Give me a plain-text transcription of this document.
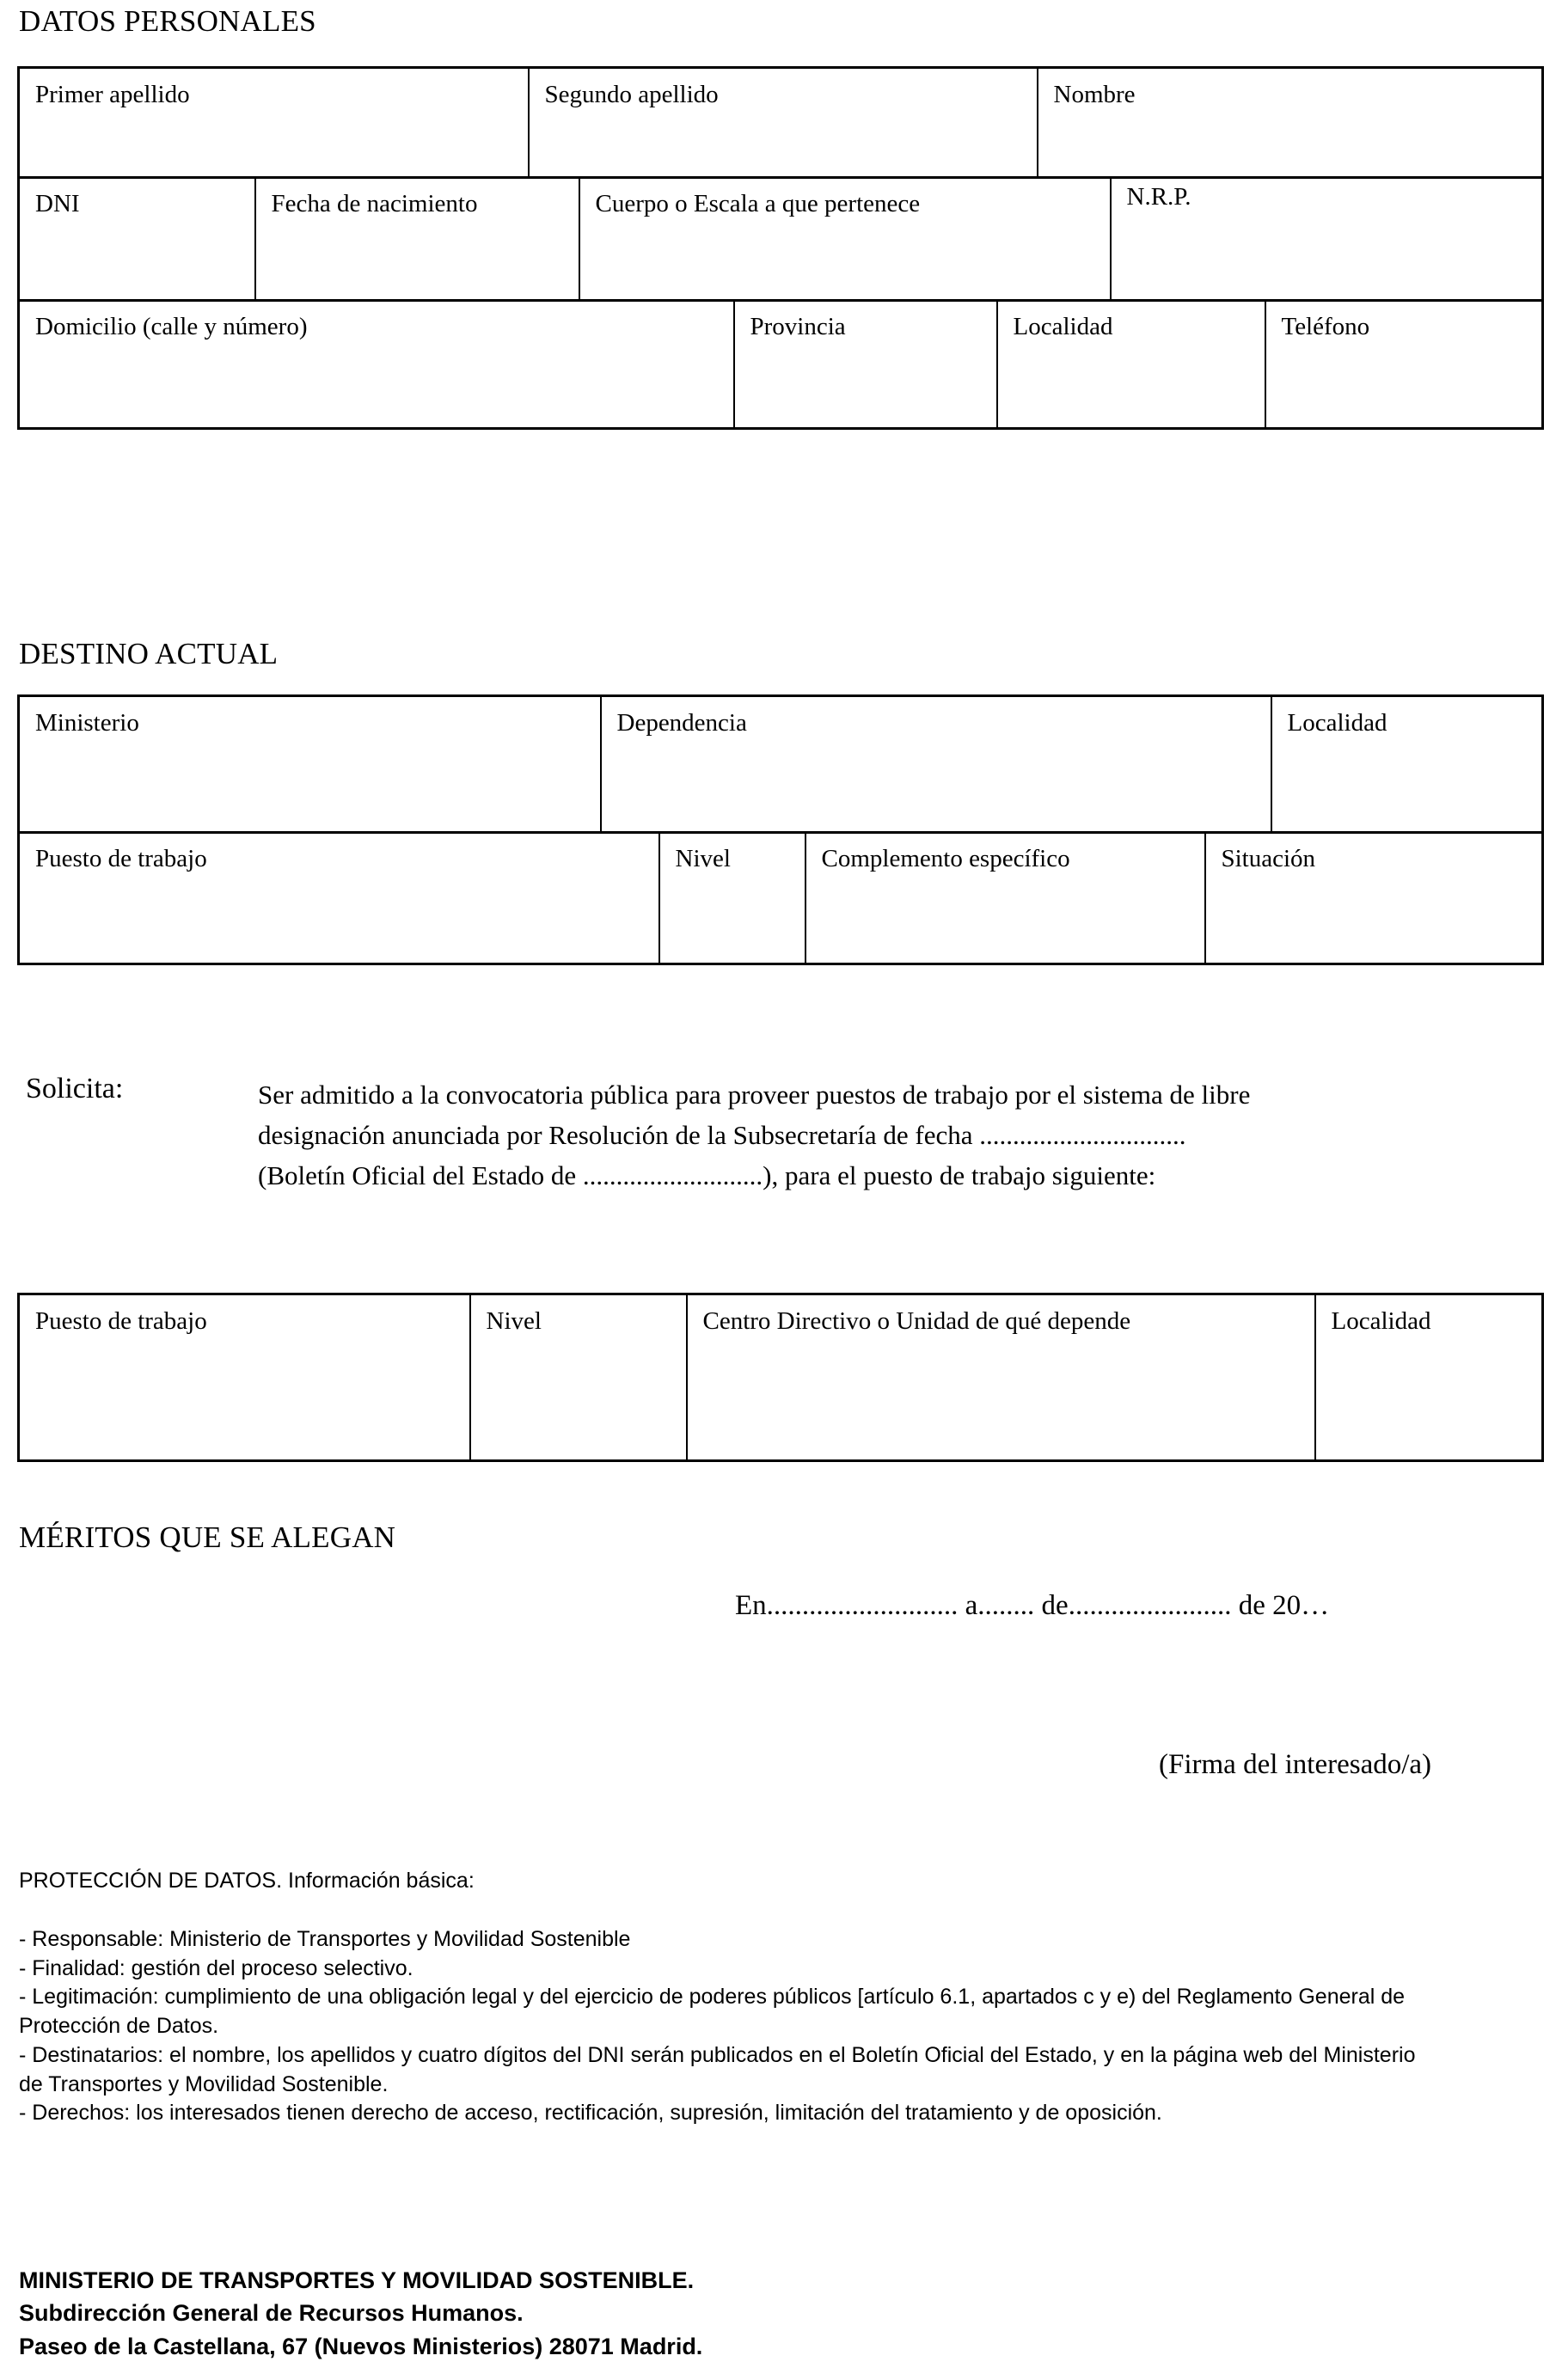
DATOS PERSONALES
Primer apellido	Segundo apellido	Nombre
DNI	Fecha de nacimiento	Cuerpo o Escala a que pertenece	N.R.P.
Domicilio (calle y número)	Provincia	Localidad	Teléfono
DESTINO ACTUAL
Ministerio	Dependencia	Localidad
Puesto de trabajo	Nivel	Complemento específico	Situación
Solicita:	Ser admitido a la convocatoria pública para proveer puestos de trabajo por el sistema de libre

designación anunciada por Resolución de la Subsecretaría de fecha ...............................

(Boletín Oficial del Estado de ...........................), para el puesto de trabajo siguiente:

Puesto de trabajo	Nivel	Centro Directivo o Unidad de qué depende	Localidad
MÉRITOS QUE SE ALEGAN
En........................... a........ de....................... de 20…
(Firma del interesado/a)

PROTECCIÓN DE DATOS. Información básica:

- Responsable: Ministerio de Transportes y Movilidad Sostenible

- Finalidad: gestión del proceso selectivo.

- Legitimación: cumplimiento de una obligación legal y del ejercicio de poderes públicos [artículo 6.1, apartados c y e) del Reglamento General de Protección de Datos.

- Destinatarios: el nombre, los apellidos y cuatro dígitos del DNI serán publicados en el Boletín Oficial del Estado, y en la página web del Ministerio de Transportes y Movilidad Sostenible.

- Derechos: los interesados tienen derecho de acceso, rectificación, supresión, limitación del tratamiento y de oposición.

MINISTERIO DE TRANSPORTES Y MOVILIDAD SOSTENIBLE.
Subdirección General de Recursos Humanos.
Paseo de la Castellana, 67 (Nuevos Ministerios) 28071 Madrid.
